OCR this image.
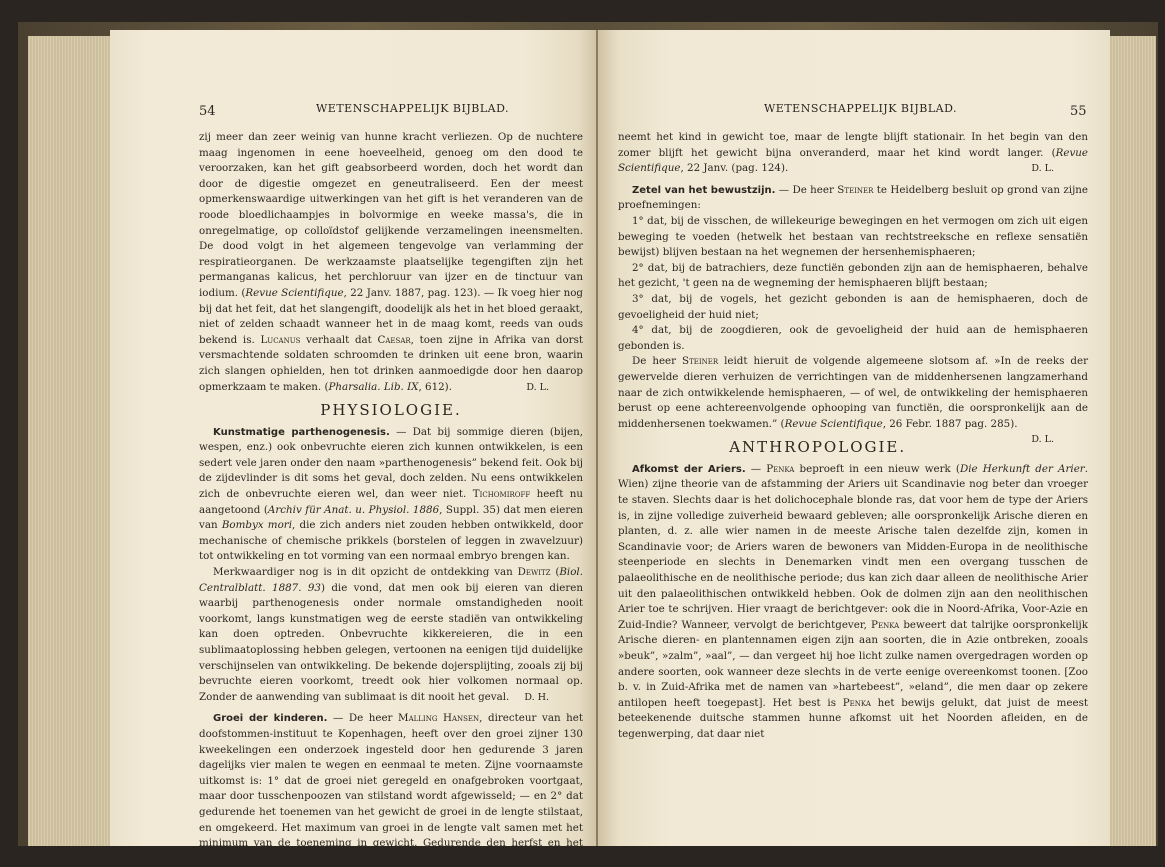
54	WETENSCHAPPELIJK BIJBLAD.

zij meer dan zeer weinig van hunne kracht verliezen. Op de nuchtere maag ingenomen in eene hoeveelheid, genoeg om den dood te veroorzaken, kan het gift geabsorbeerd worden, doch het wordt dan door de digestie omgezet en geneutraliseerd. Een der meest opmerkenswaardige uitwerkingen van het gift is het veranderen van de roode bloedlichaampjes in bolvormige en weeke massa's, die in onregelmatige, op colloïdstof gelijkende verzamelingen ineensmelten. De dood volgt in het algemeen tengevolge van verlamming der respiratieorganen. De werkzaamste plaatselijke tegengiften zijn het permanganas kalicus, het perchloruur van ijzer en de tinctuur van iodium. (Revue Scientifique, 22 Janv. 1887, pag. 123). — Ik voeg hier nog bij dat het feit, dat het slangengift, doodelijk als het in het bloed geraakt, niet of zelden schaadt wanneer het in de maag komt, reeds van ouds bekend is. Lucanus verhaalt dat Caesar, toen zijne in Afrika van dorst versmachtende soldaten schroomden te drinken uit eene bron, waarin zich slangen ophielden, hen tot drinken aanmoedigde door hen daarop opmerkzaam te maken. (Pharsalia. Lib. IX, 612).	D. L.

PHYSIOLOGIE.

Kunstmatige parthenogenesis. — Dat bij sommige dieren (bijen, wespen, enz.) ook onbevruchte eieren zich kunnen ontwikkelen, is een sedert vele jaren onder den naam »parthenogenesis” bekend feit. Ook bij de zijdevlinder is dit soms het geval, doch zelden. Nu eens ontwikkelen zich de onbevruchte eieren wel, dan weer niet. Tichomiroff heeft nu aangetoond (Archiv für Anat. u. Physiol. 1886, Suppl. 35) dat men eieren van Bombyx mori, die zich anders niet zouden hebben ontwikkeld, door mechanische of chemische prikkels (borstelen of leggen in zwavelzuur) tot ontwikkeling en tot vorming van een normaal embryo brengen kan.

Merkwaardiger nog is in dit opzicht de ontdekking van Dewitz (Biol. Centralblatt. 1887. 93) die vond, dat men ook bij eieren van dieren waarbij parthenogenesis onder normale omstandigheden nooit voorkomt, langs kunstmatigen weg de eerste stadiën van ontwikkeling kan doen optreden. Onbevruchte kikkereieren, die in een sublimaatoplossing hebben gelegen, vertoonen na eenigen tijd duidelijke verschijnselen van ontwikkeling. De bekende dojersplijting, zooals zij bij bevruchte eieren voorkomt, treedt ook hier volkomen normaal op. Zonder de aanwending van sublimaat is dit nooit het geval.	D. H.

Groei der kinderen. — De heer Malling Hansen, directeur van het doofstommen-instituut te Kopenhagen, heeft over den groei zijner 130 kweekelingen een onderzoek ingesteld door hen gedurende 3 jaren dagelijks vier malen te wegen en eenmaal te meten. Zijne voornaamste uitkomst is: 1° dat de groei niet geregeld en onafgebroken voortgaat, maar door tusschenpoozen van stilstand wordt afgewisseld; — en 2° dat gedurende het toenemen van het gewicht de groei in de lengte stilstaat, en omgekeerd. Het maximum van groei in de lengte valt samen met het minimum van de toeneming in gewicht. Gedurende den herfst en het begin van den winter

WETENSCHAPPELIJK BIJBLAD.	55

neemt het kind in gewicht toe, maar de lengte blijft stationair. In het begin van den zomer blijft het gewicht bijna onveranderd, maar het kind wordt langer. (Revue Scientifique, 22 Janv. (pag. 124).	D. L.

Zetel van het bewustzijn. — De heer Steiner te Heidelberg besluit op grond van zijne proefnemingen:

1° dat, bij de visschen, de willekeurige bewegingen en het vermogen om zich uit eigen beweging te voeden (hetwelk het bestaan van rechtstreeksche en reflexe sensatiën bewijst) blijven bestaan na het wegnemen der hersenhemisphaeren;

2° dat, bij de batrachiers, deze functiën gebonden zijn aan de hemisphaeren, behalve het gezicht, 't geen na de wegneming der hemisphaeren blijft bestaan;

3° dat, bij de vogels, het gezicht gebonden is aan de hemisphaeren, doch de gevoeligheid der huid niet;

4° dat, bij de zoogdieren, ook de gevoeligheid der huid aan de hemisphaeren gebonden is.

De heer Steiner leidt hieruit de volgende algemeene slotsom af. »In de reeks der gewervelde dieren verhuizen de verrichtingen van de middenhersenen langzamerhand naar de zich ontwikkelende hemisphaeren, — of wel, de ontwikkeling der hemisphaeren berust op eene achtereenvolgende ophooping van functiën, die oorspronkelijk aan de middenhersenen toekwamen.” (Revue Scientifique, 26 Febr. 1887 pag. 285).
D. L.

ANTHROPOLOGIE.

Afkomst der Ariers. — Penka beproeft in een nieuw werk (Die Herkunft der Arier. Wien) zijne theorie van de afstamming der Ariers uit Scandinavie nog beter dan vroeger te staven. Slechts daar is het dolichocephale blonde ras, dat voor hem de type der Ariers is, in zijne volledige zuiverheid bewaard gebleven; alle oorspronkelijk Arische dieren en planten, d. z. alle wier namen in de meeste Arische talen dezelfde zijn, komen in Scandinavie voor; de Ariers waren de bewoners van Midden-Europa in de neolithische steenperiode en slechts in Denemarken vindt men een overgang tusschen de palaeolithische en de neolithische periode; dus kan zich daar alleen de neolithische Arier uit den palaeolithischen ontwikkeld hebben. Ook de dolmen zijn aan den neolithischen Arier toe te schrijven. Hier vraagt de berichtgever: ook die in Noord-Afrika, Voor-Azie en Zuid-Indie? Wanneer, vervolgt de berichtgever, Penka beweert dat talrijke oorspronkelijk Arische dieren- en plantennamen eigen zijn aan soorten, die in Azie ontbreken, zooals »beuk”, »zalm”, »aal”, — dan vergeet hij hoe licht zulke namen overgedragen worden op andere soorten, ook wanneer deze slechts in de verte eenige overeenkomst toonen. [Zoo b. v. in Zuid-Afrika met de namen van »hartebeest”, »eland”, die men daar op zekere antilopen heeft toegepast]. Het best is Penka het bewijs gelukt, dat juist de meest beteekenende duitsche stammen hunne afkomst uit het Noorden afleiden, en de tegenwerping, dat daar niet
